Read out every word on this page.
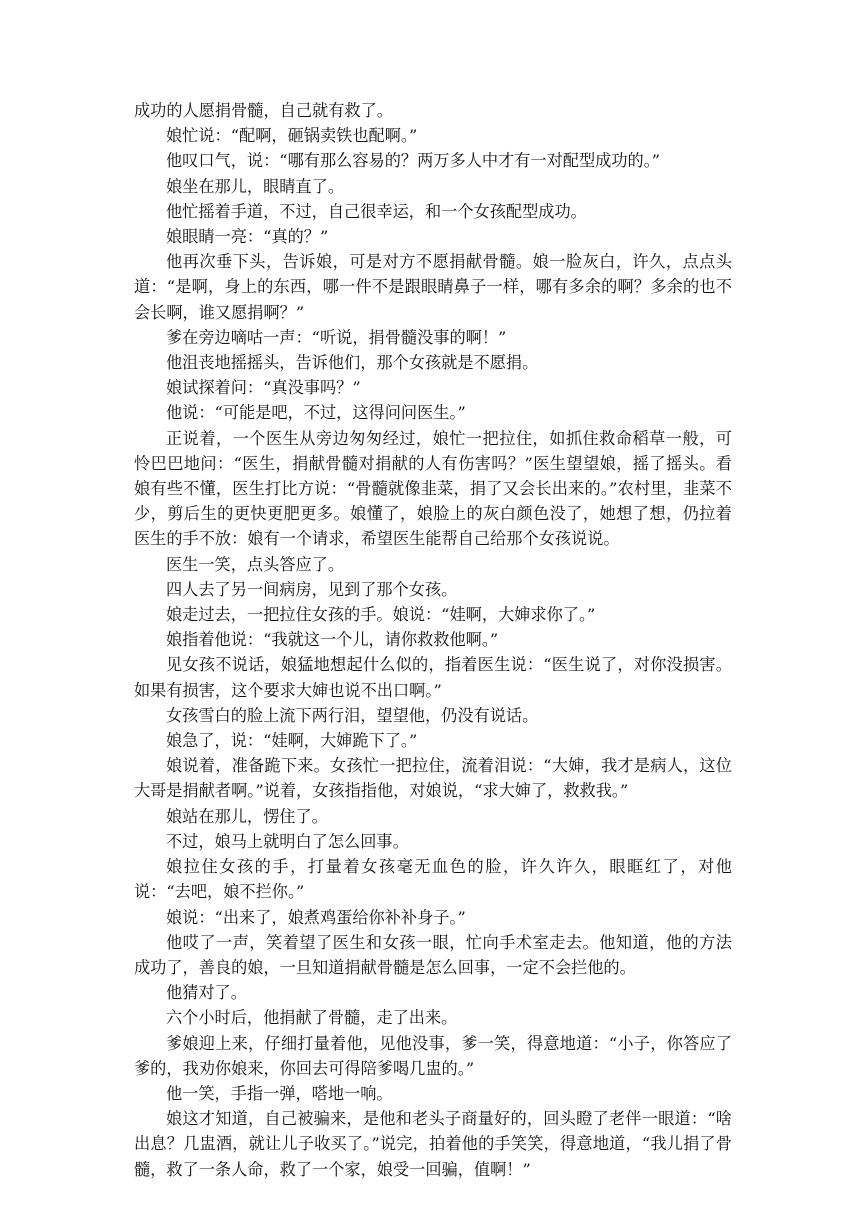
成功的人愿捐骨髓，自己就有救了。

娘忙说：“配啊，砸锅卖铁也配啊。”

他叹口气，说：“哪有那么容易的？两万多人中才有一对配型成功的。”

娘坐在那儿，眼睛直了。

他忙摇着手道，不过，自己很幸运，和一个女孩配型成功。

娘眼睛一亮：“真的？”

他再次垂下头，告诉娘，可是对方不愿捐献骨髓。娘一脸灰白，许久，点点头道：“是啊，身上的东西，哪一件不是跟眼睛鼻子一样，哪有多余的啊？多余的也不会长啊，谁又愿捐啊？”

爹在旁边嘀咕一声：“听说，捐骨髓没事的啊！”

他沮丧地摇摇头，告诉他们，那个女孩就是不愿捐。

娘试探着问：“真没事吗？”

他说：“可能是吧，不过，这得问问医生。”

正说着，一个医生从旁边匆匆经过，娘忙一把拉住，如抓住救命稻草一般，可怜巴巴地问：“医生，捐献骨髓对捐献的人有伤害吗？”医生望望娘，摇了摇头。看娘有些不懂，医生打比方说：“骨髓就像韭菜，捐了又会长出来的。”农村里，韭菜不少，剪后生的更快更肥更多。娘懂了，娘脸上的灰白颜色没了，她想了想，仍拉着医生的手不放：娘有一个请求，希望医生能帮自己给那个女孩说说。

医生一笑，点头答应了。

四人去了另一间病房，见到了那个女孩。

娘走过去，一把拉住女孩的手。娘说：“娃啊，大婶求你了。”

娘指着他说：“我就这一个儿，请你救救他啊。”

见女孩不说话，娘猛地想起什么似的，指着医生说：“医生说了，对你没损害。如果有损害，这个要求大婶也说不出口啊。”

女孩雪白的脸上流下两行泪，望望他，仍没有说话。

娘急了，说：“娃啊，大婶跪下了。”

娘说着，准备跪下来。女孩忙一把拉住，流着泪说：“大婶，我才是病人，这位大哥是捐献者啊。”说着，女孩指指他，对娘说，“求大婶了，救救我。”

娘站在那儿，愣住了。

不过，娘马上就明白了怎么回事。

娘拉住女孩的手，打量着女孩毫无血色的脸，许久许久，眼眶红了，对他说：“去吧，娘不拦你。”

娘说：“出来了，娘煮鸡蛋给你补补身子。”

他哎了一声，笑着望了医生和女孩一眼，忙向手术室走去。他知道，他的方法成功了，善良的娘，一旦知道捐献骨髓是怎么回事，一定不会拦他的。

他猜对了。

六个小时后，他捐献了骨髓，走了出来。

爹娘迎上来，仔细打量着他，见他没事，爹一笑，得意地道：“小子，你答应了爹的，我劝你娘来，你回去可得陪爹喝几盅的。”

他一笑，手指一弹，嗒地一响。

娘这才知道，自己被骗来，是他和老头子商量好的，回头瞪了老伴一眼道：“啥出息？几盅酒，就让儿子收买了。”说完，拍着他的手笑笑，得意地道，“我儿捐了骨髓，救了一条人命，救了一个家，娘受一回骗，值啊！”
